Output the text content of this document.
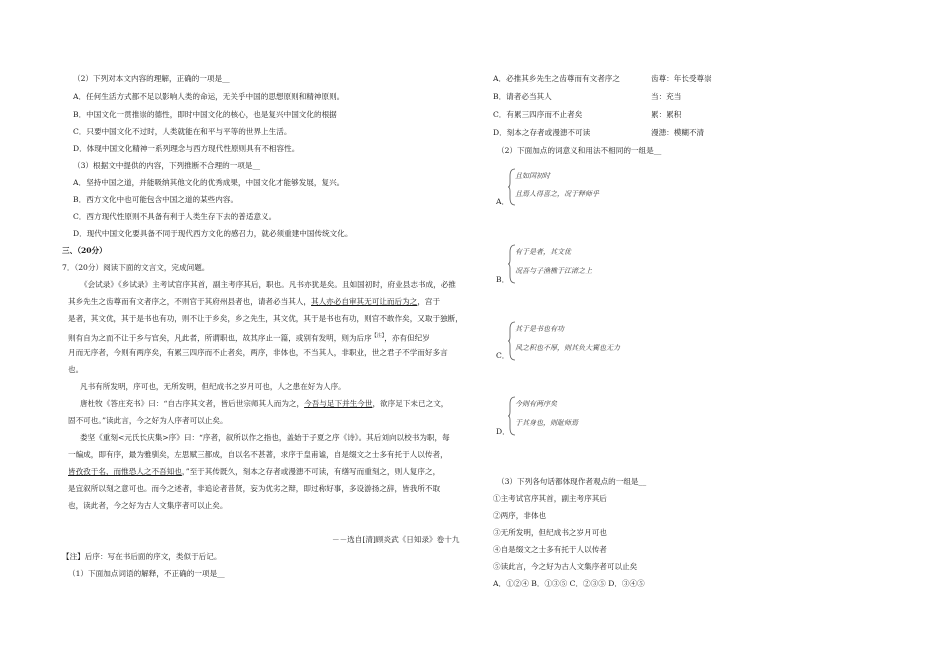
（2）下列对本文内容的理解，正确的一项是__
A．任何生活方式都不足以影响人类的命运，无关乎中国的思想原则和精神原则。
B．中国文化一贯推崇的德性，即时中国文化的核心，也是复兴中国文化的根据
C．只要中国文化不过时，人类就能在和平与平等的世界上生活。
D．体现中国文化精神一系列理念与西方现代性原则具有不相容性。
（3）根据文中提供的内容，下列推断不合理的一项是__
A．坚持中国之道，并能吸纳其他文化的优秀成果，中国文化才能够发展，复兴。
B．西方文化中也可能包含中国之道的某些内容。
C．西方现代性原则不具备有利于人类生存下去的普适意义。
D．现代中国文化要具备不同于现代西方文化的感召力，就必须重建中国传统文化。
三、（20分）
7．（20分）阅读下面的文言文，完成问题。
《会试录》《乡试录》主考试官序其首，副主考序其后，职也。凡书亦犹是矣。且如国初时，府业县志书成，必推
其乡先生之齿尊而有文者序之，不则官于其府州县者也，请者必当其人，其人亦必自审其无可让而后为之，宫于
是者，其文优，其于是书也有功，则不让于乡矣，乡之先生，其文优，其于是书也有功，则官不敢作矣，又取于独断，
则有自为之而不让于乡与官矣，凡此者，所谓职也，故其序止一篇，或别有发明，则为后序$^{【注】}$，亦有但纪岁
月而无序者，今则有两序矣，有累三四序而不止者矣，两序，非体也，不当其人，非职业，世之君子不学而好多言
也。
凡书有所发明，序可也，无所发明，但纪成书之岁月可也，人之患在好为人序。
唐杜牧《答庄充书》曰：“自古序其文者，皆后世宗师其人而为之，今吾与足下并生今世，欲序足下未已之文，
固不可也。”读此言，今之好为人序者可以止矣。
娄坚《重刻<元氏长庆集>序》曰：“序者，叙所以作之指也，盖始于子夏之序《诗》。其后刘向以校书为职，每
一编成，即有序，最为雅驯矣，左思赋三都成，自以名不甚著，求序于皇甫谧，自是缀文之士多有托于人以传者，
皆孜孜于名，而惟恐人之不吾知也，”至于其传既久，刻本之存者或漫漶不可读，有缮写而重刻之，则人复序之，
是宜叙所以刻之意可也。而今之述者，非追论者昔贤，妄为优劣之辩，即过称好事，多设游扬之辞，皆我所不取
也，读此者，今之好为古人文集序者可以止矣。
－－选自[清]顾炎武《日知录》卷十九
【注】后序：写在书后面的序文，类似于后记。
（1）下面加点词语的解释，不正确的一项是__
A．必推其乡先生之齿尊而有文者序之	齿尊：年长受尊崇
B．请者必当其人	当：充当
C．有累三四序而不止者矣	累：累积
D．刻本之存者或漫漶不可读	漫漶：模糊不清
（2）下面加点的词意义和用法不相同的一组是__
A．
且如国初时
且焉人得喜之，况于释师乎
B．
有于是者，其文优
况吾与子渔樵于江渚之上
C．
其于是书也有功
风之积也不厚，则其负大翼也无力
D．
今则有两序矣
于其身也，则耻师焉
（3）下列各句话都体现作者观点的一组是__
①主考试官序其首，副主考序其后
②两序，非体也
③无所发明，但纪成书之岁月可也
④自是缀文之士多有托于人以传者
⑤读此言，今之好为古人文集序者可以止矣
A．①②④ B．①③⑤ C．②③⑤ D．③④⑤
